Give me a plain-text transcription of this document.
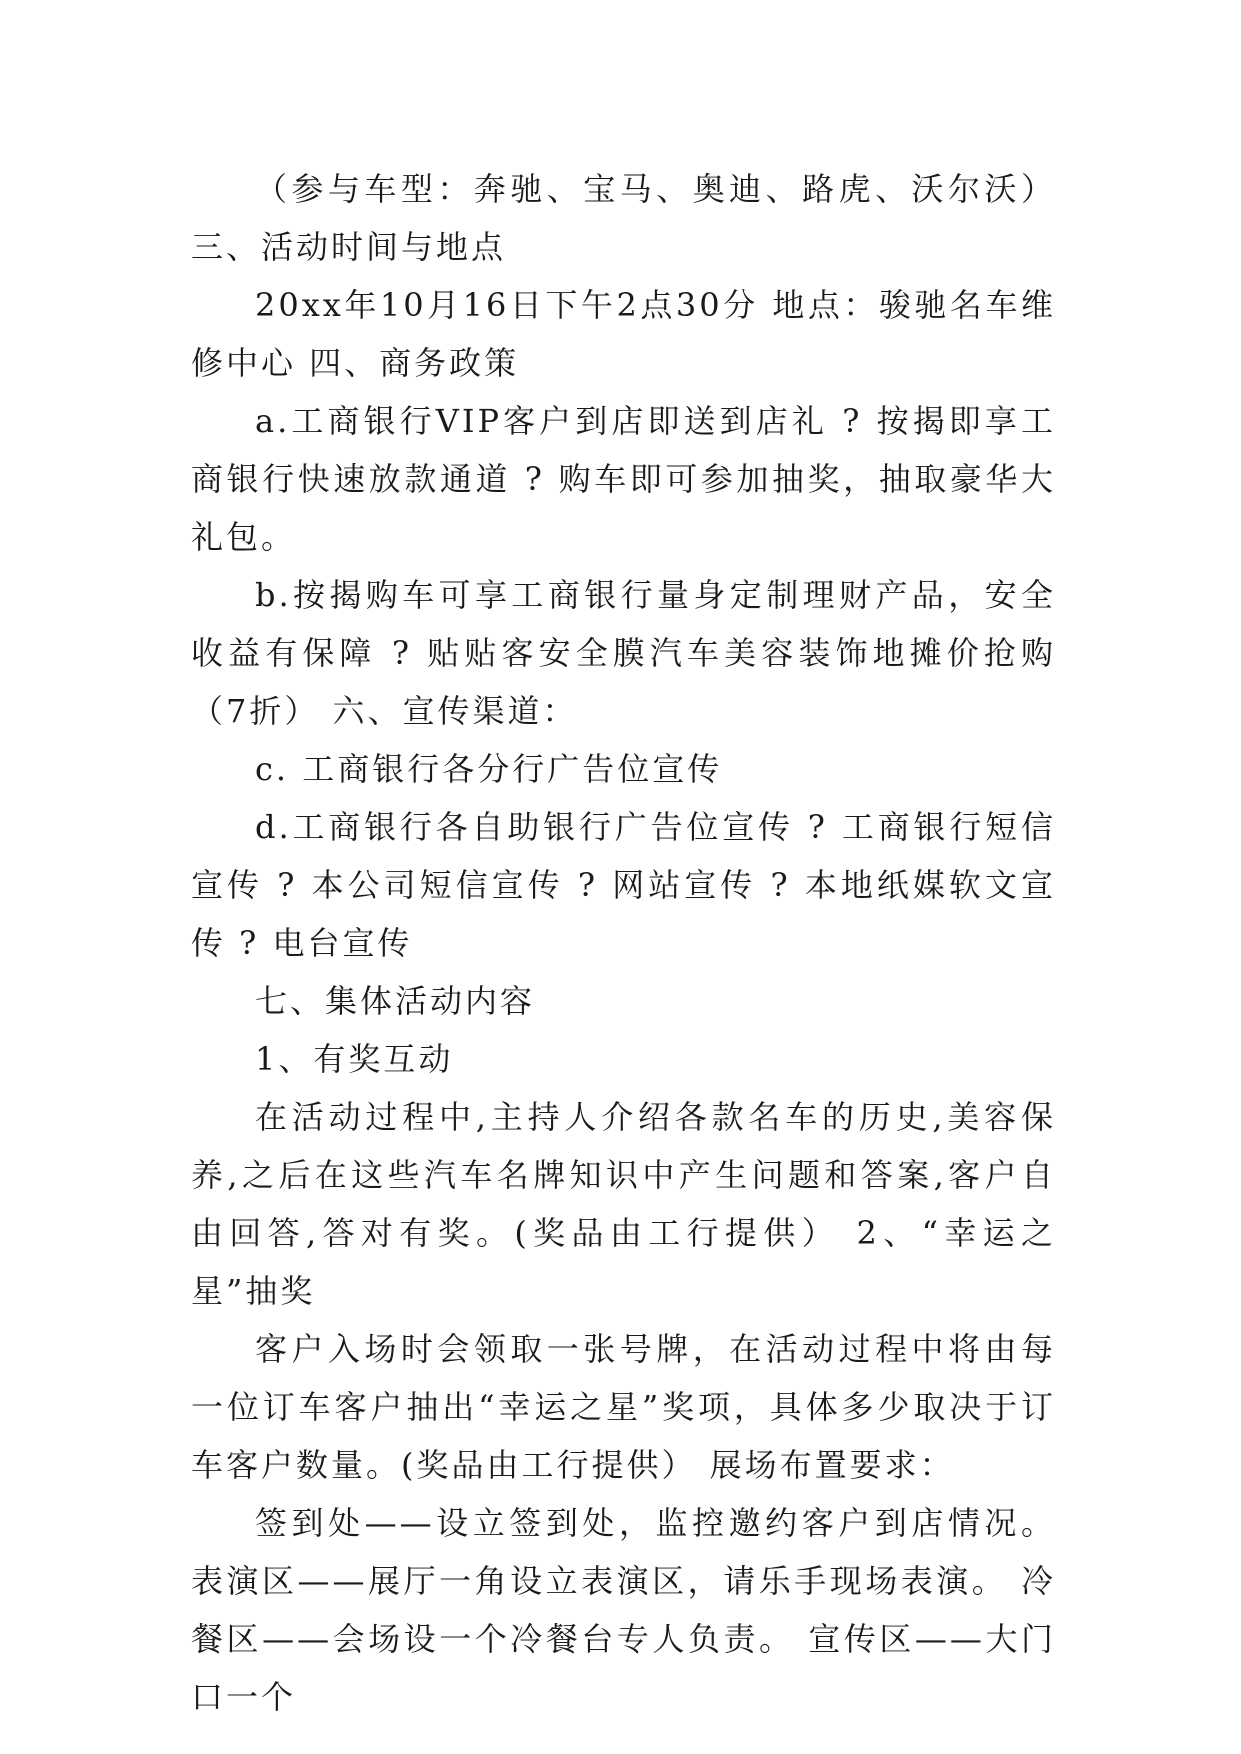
（参与车型：奔驰、宝马、奥迪、路虎、沃尔沃） 三、活动时间与地点

20xx年10月16日下午2点30分 地点：骏驰名车维修中心 四、商务政策

a.工商银行VIP客户到店即送到店礼 ? 按揭即享工商银行快速放款通道 ? 购车即可参加抽奖，抽取豪华大礼包。

b.按揭购车可享工商银行量身定制理财产品，安全收益有保障 ? 贴贴客安全膜汽车美容装饰地摊价抢购（7折） 六、宣传渠道：

c. 工商银行各分行广告位宣传

d.工商银行各自助银行广告位宣传 ? 工商银行短信宣传 ? 本公司短信宣传 ? 网站宣传 ? 本地纸媒软文宣传 ? 电台宣传

七、集体活动内容

1、有奖互动

在活动过程中,主持人介绍各款名车的历史,美容保养,之后在这些汽车名牌知识中产生问题和答案,客户自由回答,答对有奖。(奖品由工行提供） 2、“幸运之星”抽奖

客户入场时会领取一张号牌，在活动过程中将由每一位订车客户抽出“幸运之星”奖项，具体多少取决于订车客户数量。(奖品由工行提供） 展场布置要求：

签到处——设立签到处，监控邀约客户到店情况。 表演区——展厅一角设立表演区，请乐手现场表演。 冷餐区——会场设一个冷餐台专人负责。 宣传区——大门口一个
